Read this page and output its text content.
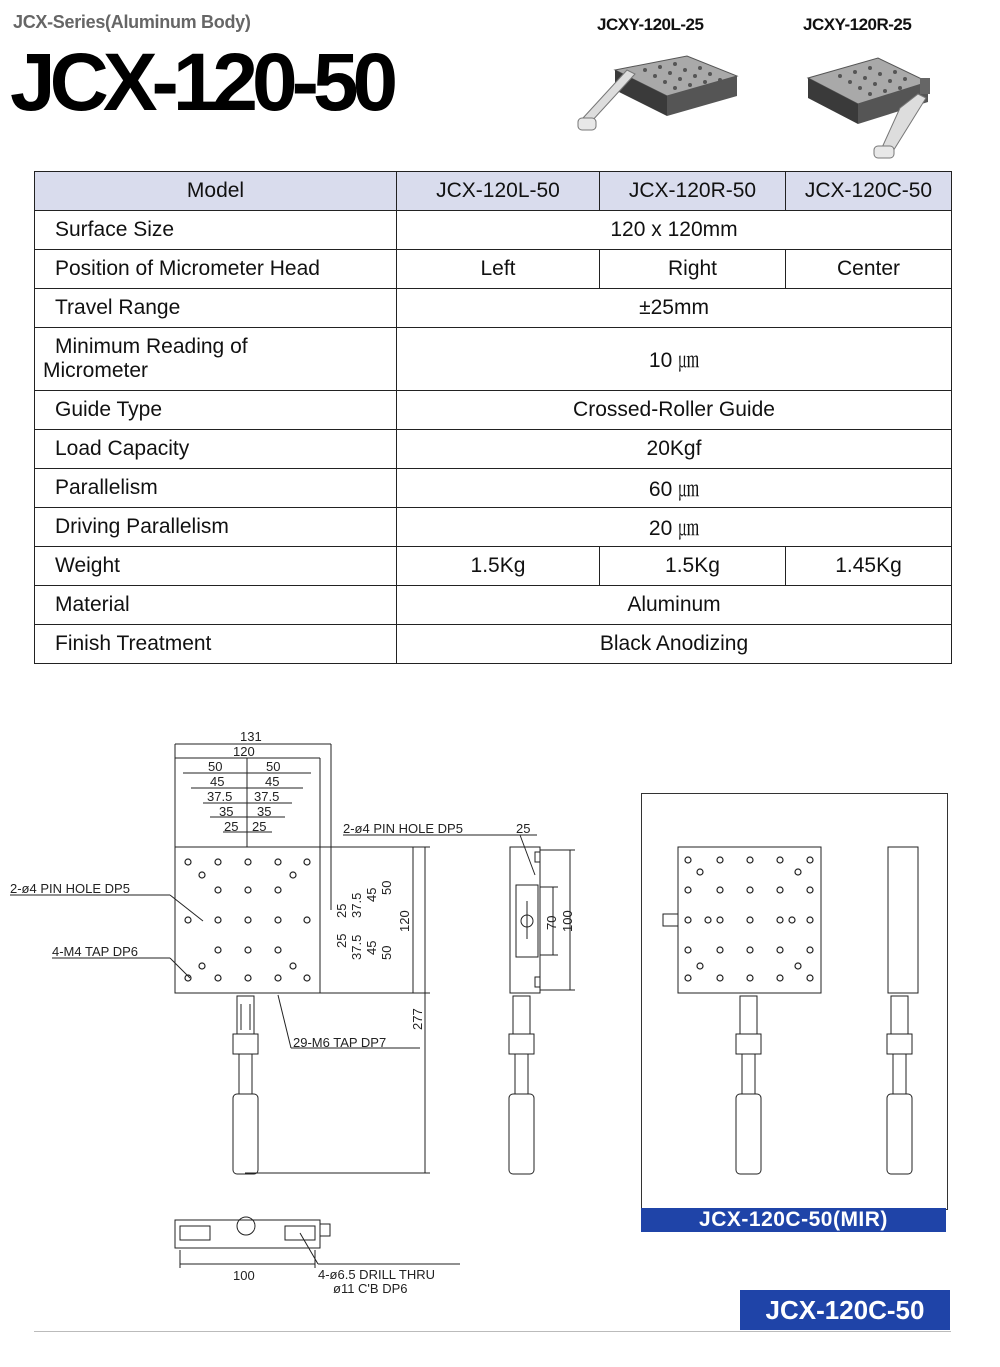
JCX-Series(Aluminum Body)
JCX-120-50
JCXY-120L-25	JCXY-120R-25
Model	JCX-120L-50	JCX-120R-50	JCX-120C-50
Surface Size	120 x 120mm		
Position of Micrometer Head	Left	Right	Center
Travel Range	±25mm		

Minimum Reading of
Micrometer	10 ㎛		
Guide Type	Crossed-Roller Guide		
Load Capacity	20Kgf		
Parallelism	60 ㎛		
Driving Parallelism	20 ㎛		
Weight	1.5Kg	1.5Kg	1.45Kg
Material	Aluminum		
Finish Treatment	Black Anodizing		
131
120
50	50
45	45
37.5 37.5
35 35
25 25
25 37.5 45 50
120
25 37.5 45 50
277
2-ø4 PIN HOLE DP5
4-M4 TAP DP6
29-M6 TAP DP7
2-ø4 PIN HOLE DP5	25
70 100
100	4-ø6.5 DRILL THRU
ø11 C'B DP6
JCX-120C-50(MIR)
JCX-120C-50
